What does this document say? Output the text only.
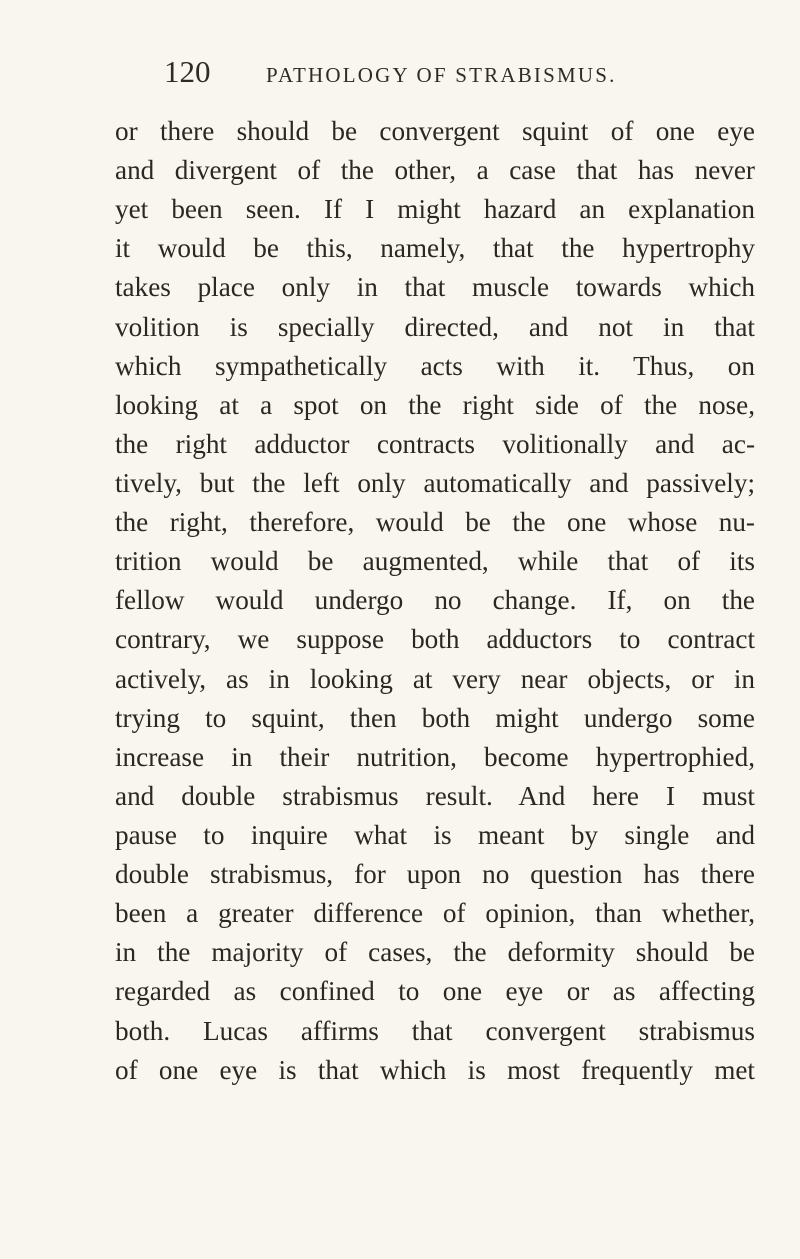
120	PATHOLOGY OF STRABISMUS.
or there should be convergent squint of one eye
and divergent of the other, a case that has never
yet been seen. If I might hazard an explanation
it would be this, namely, that the hypertrophy
takes place only in that muscle towards which
volition is specially directed, and not in that
which sympathetically acts with it. Thus, on
looking at a spot on the right side of the nose,
the right adductor contracts volitionally and ac-
tively, but the left only automatically and passively;
the right, therefore, would be the one whose nu-
trition would be augmented, while that of its
fellow would undergo no change. If, on the
contrary, we suppose both adductors to contract
actively, as in looking at very near objects, or in
trying to squint, then both might undergo some
increase in their nutrition, become hypertrophied,
and double strabismus result. And here I must
pause to inquire what is meant by single and
double strabismus, for upon no question has there
been a greater difference of opinion, than whether,
in the majority of cases, the deformity should be
regarded as confined to one eye or as affecting
both. Lucas affirms that convergent strabismus
of one eye is that which is most frequently met
